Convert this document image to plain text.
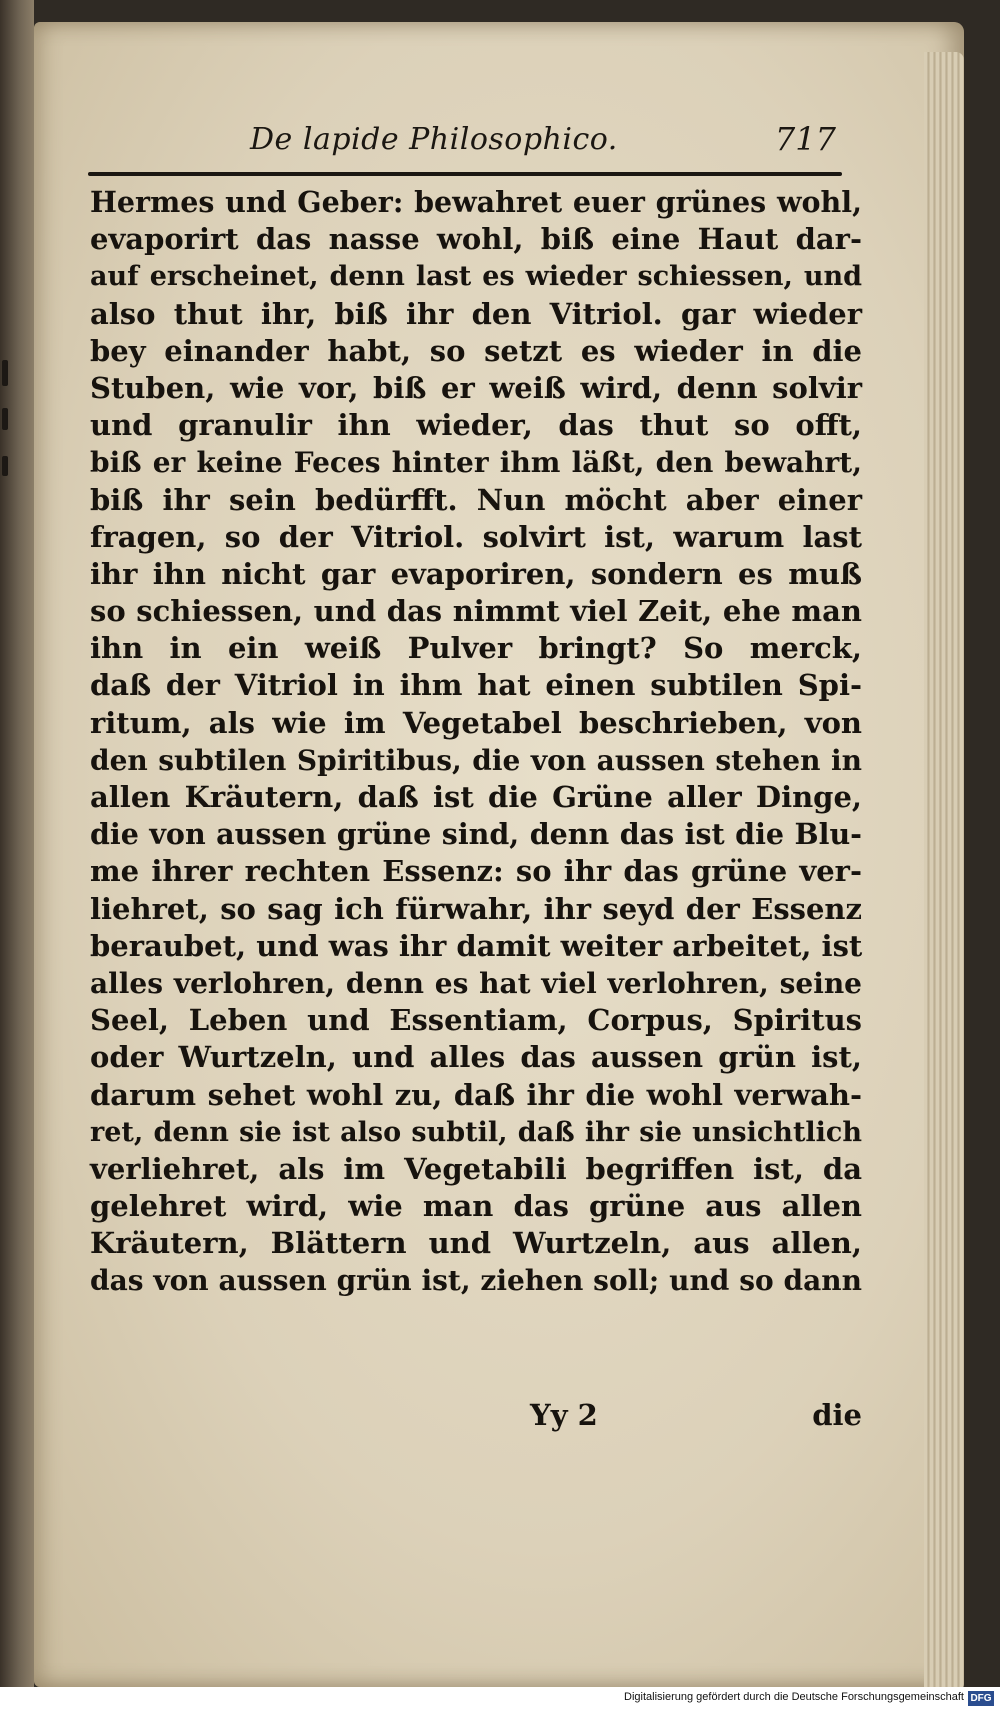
De lapide Philosophico.	717
Hermes und Geber: bewahret euer grünes wohl,
evaporirt das nasse wohl, biß eine Haut dar-
auf erscheinet, denn last es wieder schiessen, und
also thut ihr, biß ihr den Vitriol. gar wieder
bey einander habt, so setzt es wieder in die
Stuben, wie vor, biß er weiß wird, denn solvir
und granulir ihn wieder, das thut so offt,
biß er keine Feces hinter ihm läßt, den bewahrt,
biß ihr sein bedürfft. Nun möcht aber einer
fragen, so der Vitriol. solvirt ist, warum last
ihr ihn nicht gar evaporiren, sondern es muß
so schiessen, und das nimmt viel Zeit, ehe man
ihn in ein weiß Pulver bringt? So merck,
daß der Vitriol in ihm hat einen subtilen Spi-
ritum, als wie im Vegetabel beschrieben, von
den subtilen Spiritibus, die von aussen stehen in
allen Kräutern, daß ist die Grüne aller Dinge,
die von aussen grüne sind, denn das ist die Blu-
me ihrer rechten Essenz: so ihr das grüne ver-
liehret, so sag ich fürwahr, ihr seyd der Essenz
beraubet, und was ihr damit weiter arbeitet, ist
alles verlohren, denn es hat viel verlohren, seine
Seel, Leben und Essentiam, Corpus, Spiritus
oder Wurtzeln, und alles das aussen grün ist,
darum sehet wohl zu, daß ihr die wohl verwah-
ret, denn sie ist also subtil, daß ihr sie unsichtlich
verliehret, als im Vegetabili begriffen ist, da
gelehret wird, wie man das grüne aus allen
Kräutern, Blättern und Wurtzeln, aus allen,
das von aussen grün ist, ziehen soll; und so dann
Yy 2	die
Digitalisierung gefördert durch die Deutsche Forschungsgemeinschaft DFG
